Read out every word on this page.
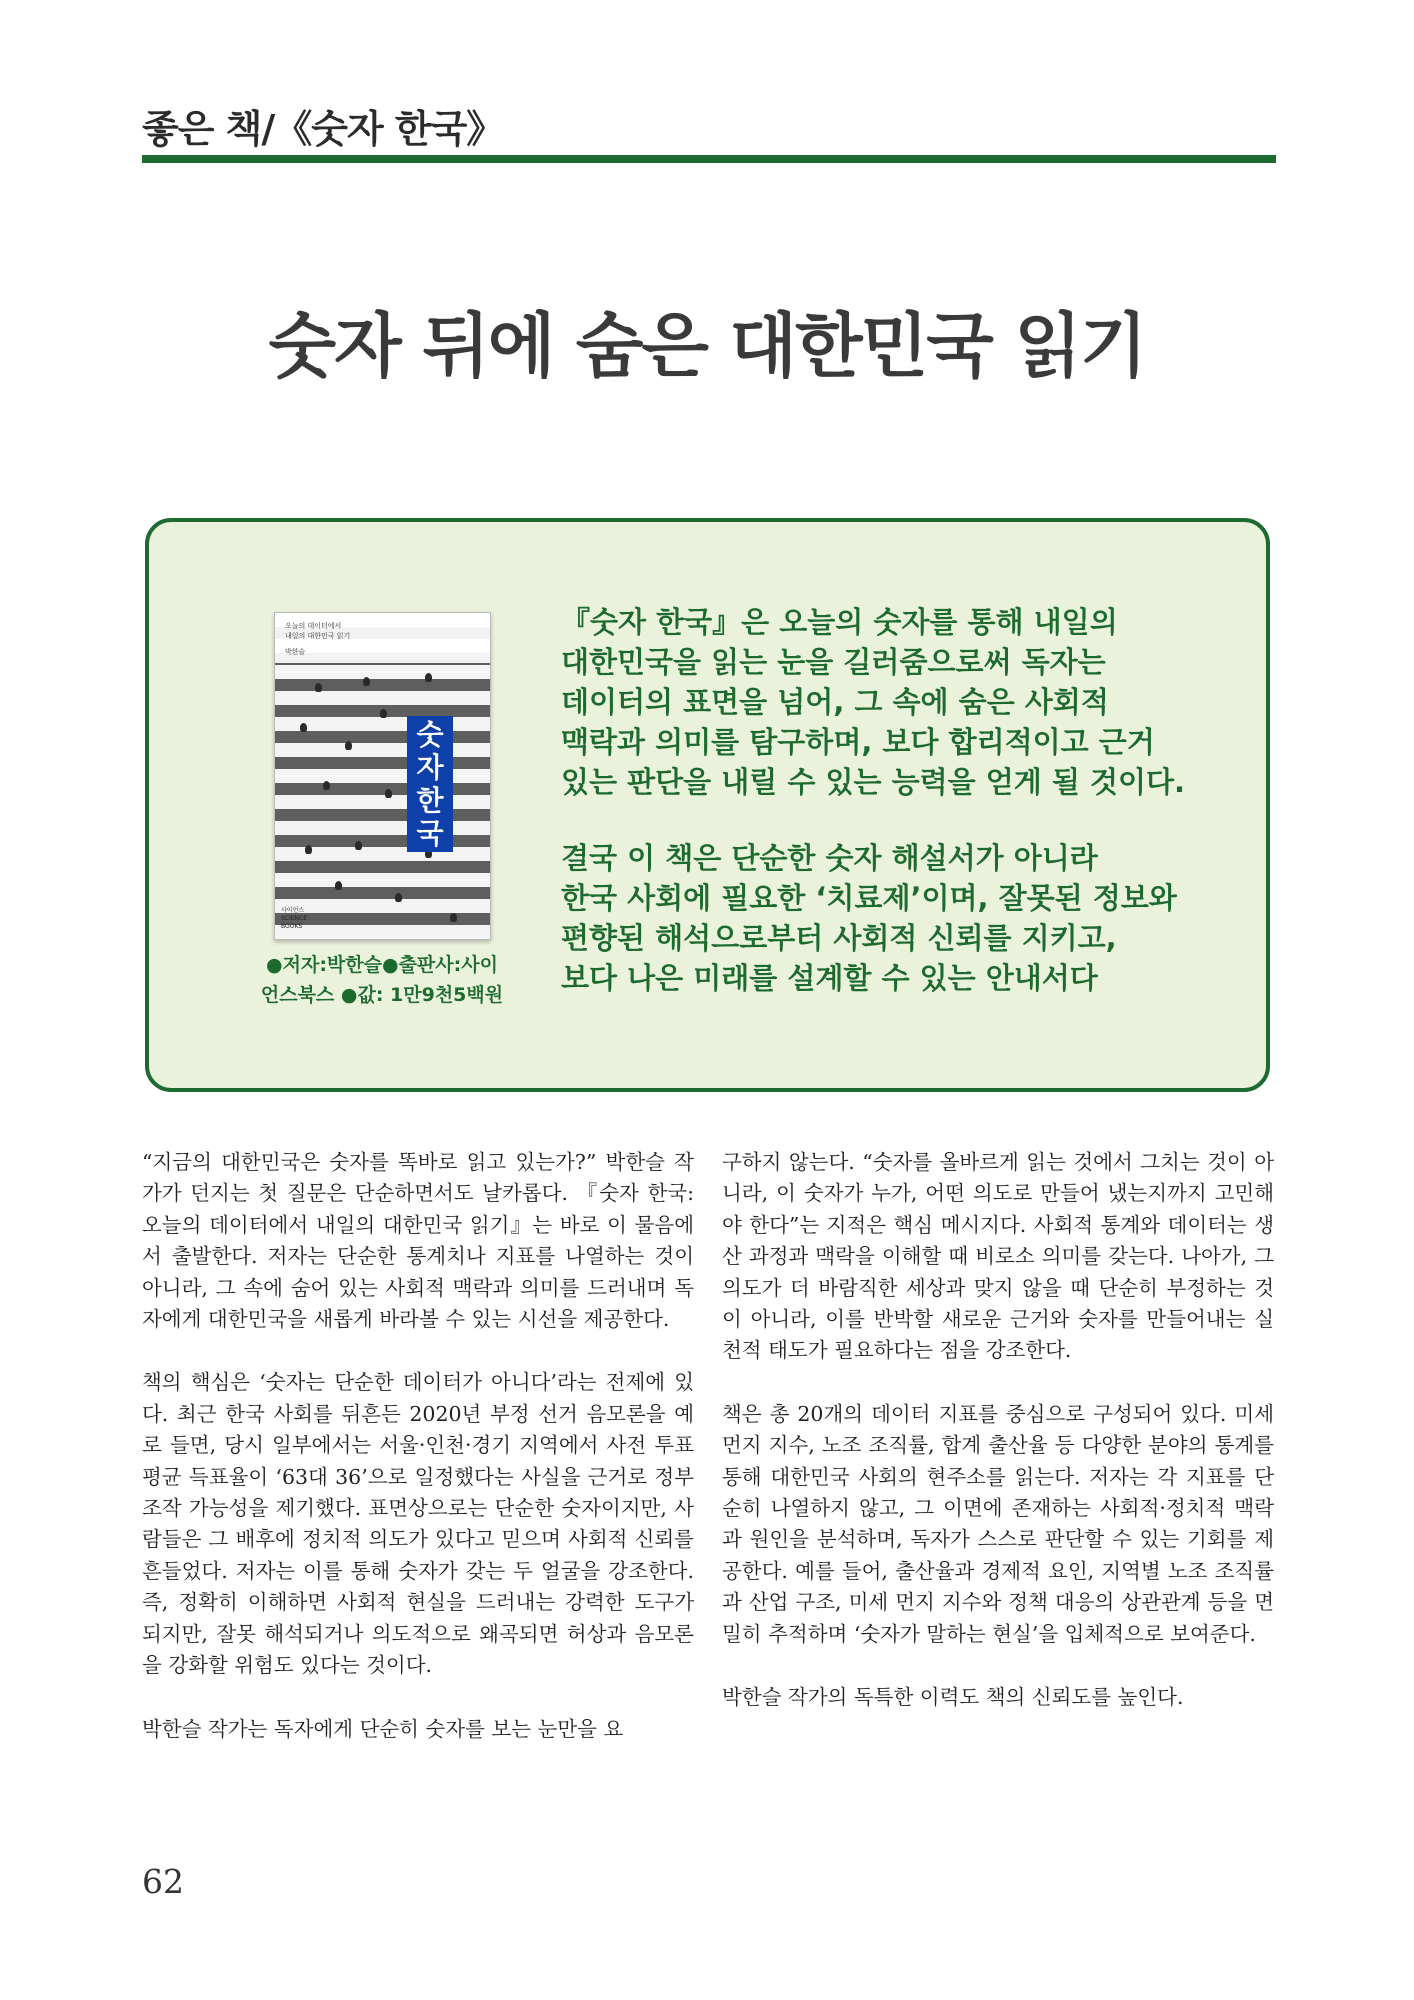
좋은 책/《숫자 한국》
숫자 뒤에 숨은 대한민국 읽기
오늘의 데이터에서
내일의 대한민국 읽기
박한슬
숫
자
한
국
사이언스
SCIENCE
BOOKS
●저자:박한슬●출판사:사이
언스북스 ●값: 1만9천5백원

『숫자 한국』은 오늘의 숫자를 통해 내일의

대한민국을 읽는 눈을 길러줌으로써 독자는

데이터의 표면을 넘어, 그 속에 숨은 사회적

맥락과 의미를 탐구하며, 보다 합리적이고 근거

있는 판단을 내릴 수 있는 능력을 얻게 될 것이다.

결국 이 책은 단순한 숫자 해설서가 아니라

한국 사회에 필요한 ‘치료제’이며, 잘못된 정보와

편향된 해석으로부터 사회적 신뢰를 지키고,

보다 나은 미래를 설계할 수 있는 안내서다

“지금의 대한민국은 숫자를 똑바로 읽고 있는가?” 박한슬 작가가 던지는 첫 질문은 단순하면서도 날카롭다. 『숫자 한국: 오늘의 데이터에서 내일의 대한민국 읽기』는 바로 이 물음에서 출발한다. 저자는 단순한 통계치나 지표를 나열하는 것이 아니라, 그 속에 숨어 있는 사회적 맥락과 의미를 드러내며 독자에게 대한민국을 새롭게 바라볼 수 있는 시선을 제공한다.

책의 핵심은 ‘숫자는 단순한 데이터가 아니다’라는 전제에 있다. 최근 한국 사회를 뒤흔든 2020년 부정 선거 음모론을 예로 들면, 당시 일부에서는 서울·인천·경기 지역에서 사전 투표 평균 득표율이 ‘63대 36’으로 일정했다는 사실을 근거로 정부 조작 가능성을 제기했다. 표면상으로는 단순한 숫자이지만, 사람들은 그 배후에 정치적 의도가 있다고 믿으며 사회적 신뢰를 흔들었다. 저자는 이를 통해 숫자가 갖는 두 얼굴을 강조한다. 즉, 정확히 이해하면 사회적 현실을 드러내는 강력한 도구가 되지만, 잘못 해석되거나 의도적으로 왜곡되면 허상과 음모론을 강화할 위험도 있다는 것이다.

박한슬 작가는 독자에게 단순히 숫자를 보는 눈만을 요

구하지 않는다. “숫자를 올바르게 읽는 것에서 그치는 것이 아니라, 이 숫자가 누가, 어떤 의도로 만들어 냈는지까지 고민해야 한다”는 지적은 핵심 메시지다. 사회적 통계와 데이터는 생산 과정과 맥락을 이해할 때 비로소 의미를 갖는다. 나아가, 그 의도가 더 바람직한 세상과 맞지 않을 때 단순히 부정하는 것이 아니라, 이를 반박할 새로운 근거와 숫자를 만들어내는 실천적 태도가 필요하다는 점을 강조한다.

책은 총 20개의 데이터 지표를 중심으로 구성되어 있다. 미세 먼지 지수, 노조 조직률, 합계 출산율 등 다양한 분야의 통계를 통해 대한민국 사회의 현주소를 읽는다. 저자는 각 지표를 단순히 나열하지 않고, 그 이면에 존재하는 사회적·정치적 맥락과 원인을 분석하며, 독자가 스스로 판단할 수 있는 기회를 제공한다. 예를 들어, 출산율과 경제적 요인, 지역별 노조 조직률과 산업 구조, 미세 먼지 지수와 정책 대응의 상관관계 등을 면밀히 추적하며 ‘숫자가 말하는 현실’을 입체적으로 보여준다.

박한슬 작가의 독특한 이력도 책의 신뢰도를 높인다.

62
